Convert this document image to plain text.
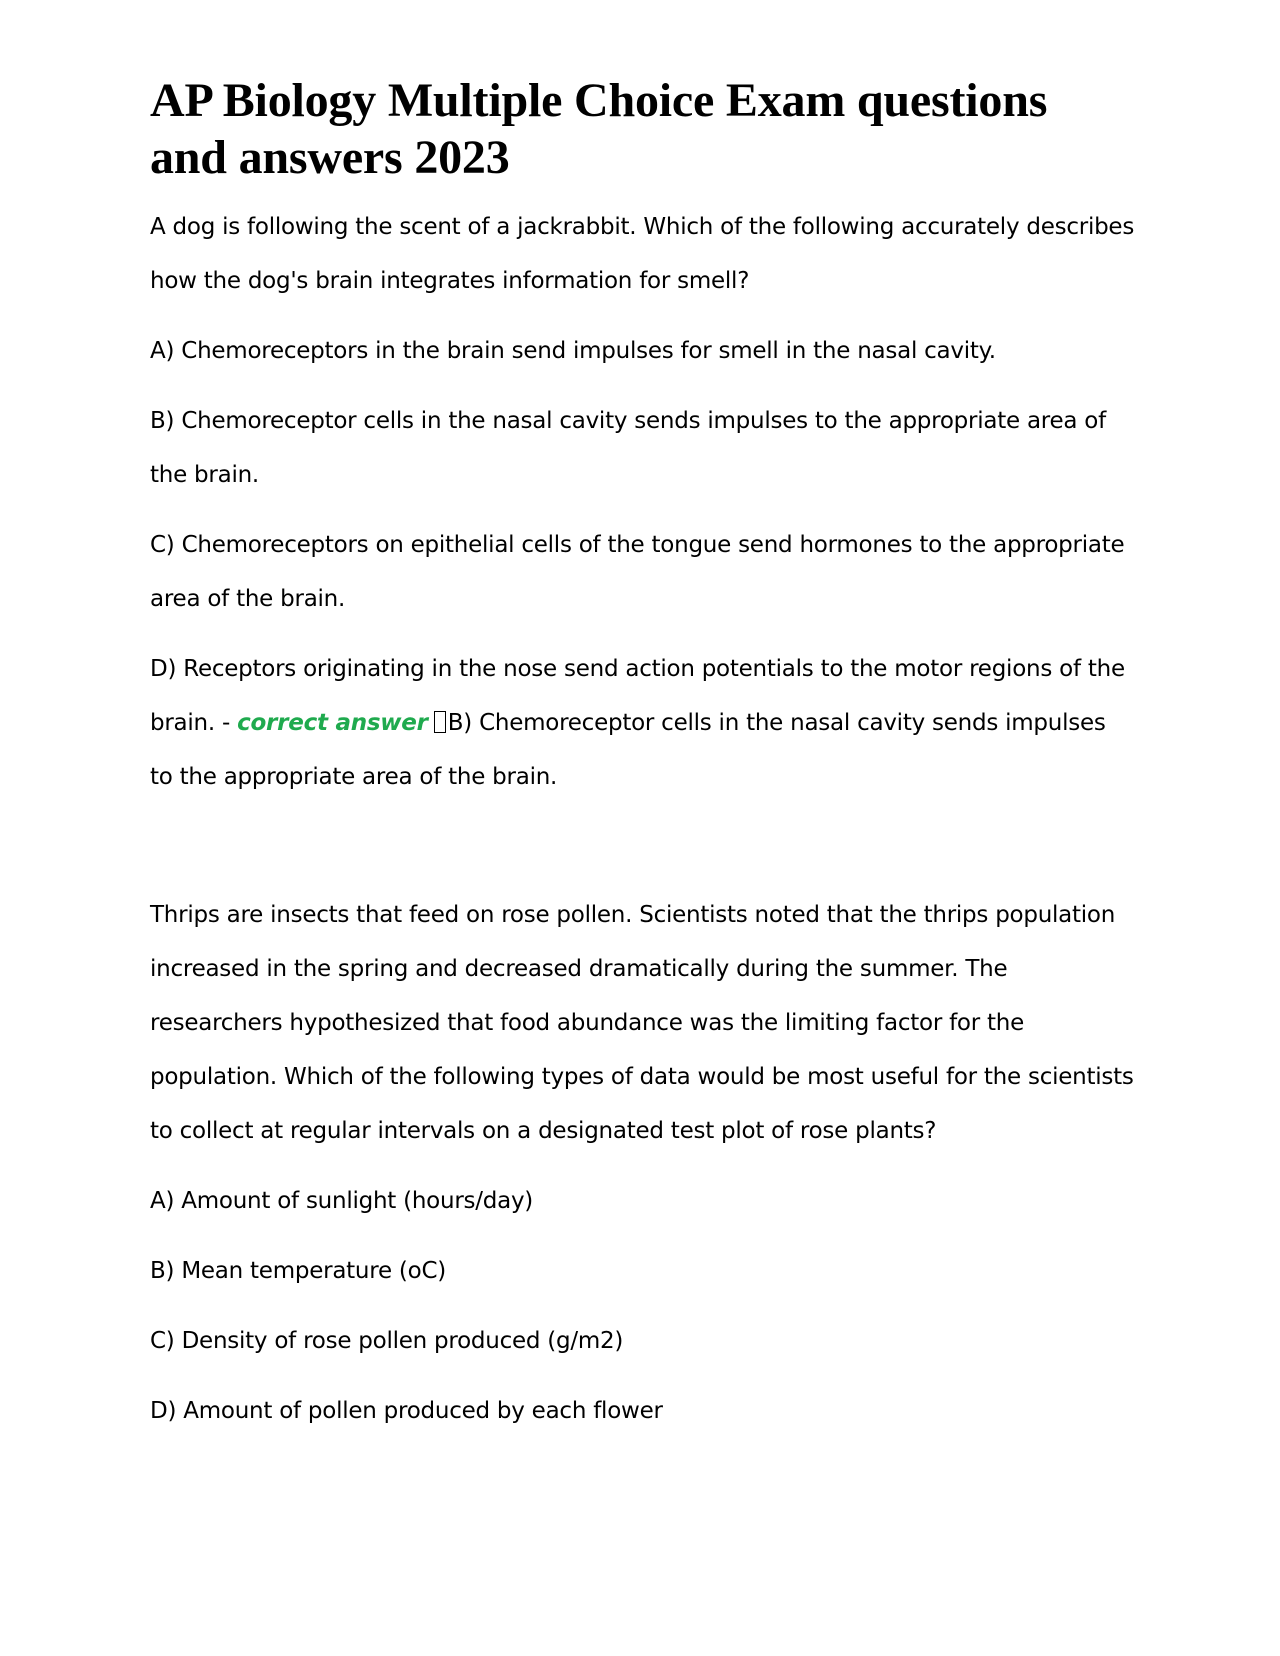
AP Biology Multiple Choice Exam questions and answers 2023

A dog is following the scent of a jackrabbit. Which of the following accurately describes how the dog's brain integrates information for smell?

A) Chemoreceptors in the brain send impulses for smell in the nasal cavity.

B) Chemoreceptor cells in the nasal cavity sends impulses to the appropriate area of the brain.

C) Chemoreceptors on epithelial cells of the tongue send hormones to the appropriate area of the brain.

D) Receptors originating in the nose send action potentials to the motor regions of the brain. - correct answer B) Chemoreceptor cells in the nasal cavity sends impulses to the appropriate area of the brain.

Thrips are insects that feed on rose pollen. Scientists noted that the thrips population increased in the spring and decreased dramatically during the summer. The researchers hypothesized that food abundance was the limiting factor for the population. Which of the following types of data would be most useful for the scientists to collect at regular intervals on a designated test plot of rose plants?

A) Amount of sunlight (hours/day)

B) Mean temperature (oC)

C) Density of rose pollen produced (g/m2)

D) Amount of pollen produced by each flower
